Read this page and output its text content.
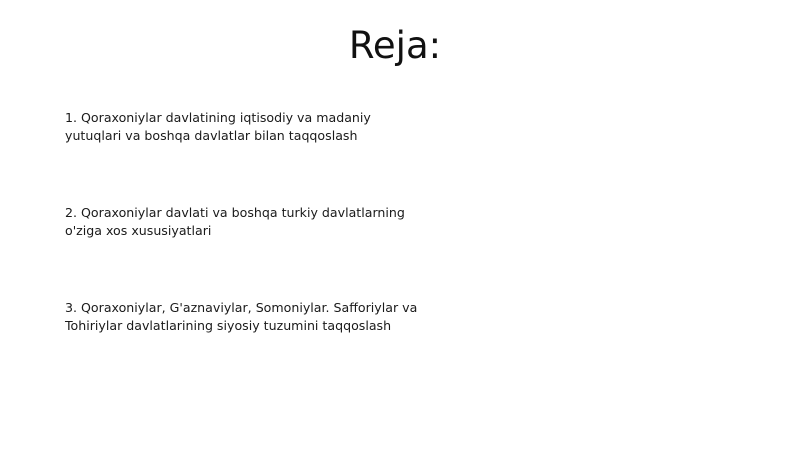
Reja:
1. Qoraxoniylar davlatining iqtisodiy va madaniy yutuqlari va boshqa davlatlar bilan taqqoslash
2. Qoraxoniylar davlati va boshqa turkiy davlatlarning o'ziga xos xususiyatlari
3. Qoraxoniylar, G'aznaviylar, Somoniylar. Safforiylar va Tohiriylar davlatlarining siyosiy tuzumini taqqoslash
